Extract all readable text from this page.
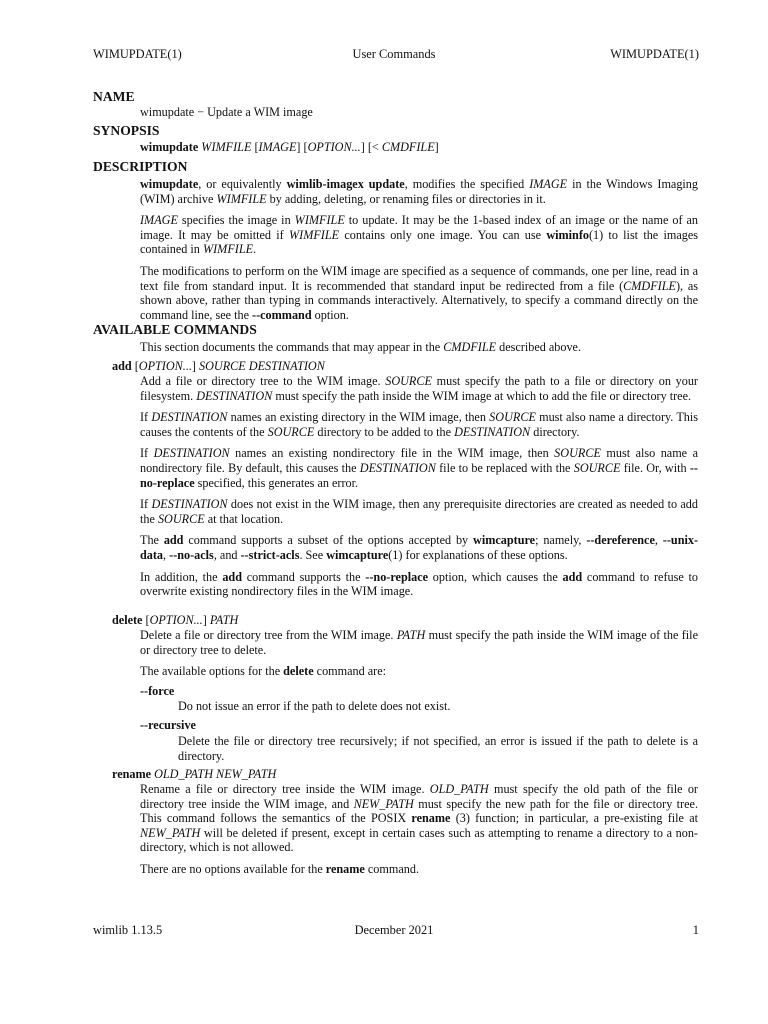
WIMUPDATE(1)	User Commands	WIMUPDATE(1)
NAME

wimupdate − Update a WIM image

SYNOPSIS

wimupdate WIMFILE [IMAGE] [OPTION...] [< CMDFILE]

DESCRIPTION

wimupdate, or equivalently wimlib-imagex update, modifies the specified IMAGE in the Windows Imaging (WIM) archive WIMFILE by adding, deleting, or renaming files or directories in it.

IMAGE specifies the image in WIMFILE to update. It may be the 1-based index of an image or the name of an image. It may be omitted if WIMFILE contains only one image. You can use wiminfo(1) to list the images contained in WIMFILE.

The modifications to perform on the WIM image are specified as a sequence of commands, one per line, read in a text file from standard input. It is recommended that standard input be redirected from a file (CMDFILE), as shown above, rather than typing in commands interactively. Alternatively, to specify a command directly on the command line, see the --command option.

AVAILABLE COMMANDS

This section documents the commands that may appear in the CMDFILE described above.

add [OPTION...] SOURCE DESTINATION

Add a file or directory tree to the WIM image. SOURCE must specify the path to a file or directory on your filesystem. DESTINATION must specify the path inside the WIM image at which to add the file or directory tree.

If DESTINATION names an existing directory in the WIM image, then SOURCE must also name a directory. This causes the contents of the SOURCE directory to be added to the DESTINATION directory.

If DESTINATION names an existing nondirectory file in the WIM image, then SOURCE must also name a nondirectory file. By default, this causes the DESTINATION file to be replaced with the SOURCE file. Or, with --no-replace specified, this generates an error.

If DESTINATION does not exist in the WIM image, then any prerequisite directories are created as needed to add the SOURCE at that location.

The add command supports a subset of the options accepted by wimcapture; namely, --dereference, --unix-data, --no-acls, and --strict-acls. See wimcapture(1) for explanations of these options.

In addition, the add command supports the --no-replace option, which causes the add command to refuse to overwrite existing nondirectory files in the WIM image.

delete [OPTION...] PATH

Delete a file or directory tree from the WIM image. PATH must specify the path inside the WIM image of the file or directory tree to delete.

The available options for the delete command are:

--force

Do not issue an error if the path to delete does not exist.

--recursive

Delete the file or directory tree recursively; if not specified, an error is issued if the path to delete is a directory.

rename OLD_PATH NEW_PATH

Rename a file or directory tree inside the WIM image. OLD_PATH must specify the old path of the file or directory tree inside the WIM image, and NEW_PATH must specify the new path for the file or directory tree. This command follows the semantics of the POSIX rename (3) function; in particular, a pre-existing file at NEW_PATH will be deleted if present, except in certain cases such as attempting to rename a directory to a non-directory, which is not allowed.

There are no options available for the rename command.

wimlib 1.13.5	December 2021	1
